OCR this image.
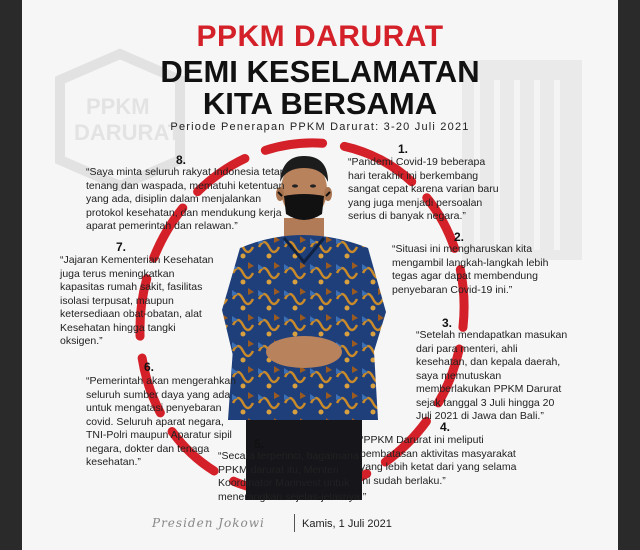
PPKM
DARURAT
PPKM DARURAT
DEMI KESELAMATAN
KITA BERSAMA
Periode Penerapan PPKM Darurat: 3-20 Juli 2021
1.
“Pandemi Covid-19 beberapa hari terakhir ini berkembang sangat cepat karena varian baru yang juga menjadi persoalan serius di banyak negara.”
2.
“Situasi ini mengharuskan kita mengambil langkah-langkah lebih tegas agar dapat membendung penyebaran Covid-19 ini.”
3.
“Setelah mendapatkan masukan dari para menteri, ahli kesehatan, dan kepala daerah, saya memutuskan memberlakukan PPKM Darurat sejak tanggal 3 Juli hingga 20 Juli 2021 di Jawa dan Bali.”
4.
“PPKM Darurat ini meliputi pembatasan aktivitas masyarakat yang lebih ketat dari yang selama ini sudah berlaku.”
5.
“Secara terperinci, bagaimana PPKM darurat itu, Menteri Koordinator Marinvest untuk menerangkan sejelas-jelasnya.”
6.
“Pemerintah akan mengerahkan seluruh sumber daya yang ada untuk mengatasi penyebaran covid. Seluruh aparat negara, TNI-Polri maupun Aparatur sipil negara, dokter dan tenaga kesehatan.”
7.
“Jajaran Kementerian Kesehatan juga terus meningkatkan kapasitas rumah sakit, fasilitas isolasi terpusat, maupun ketersediaan obat-obatan, alat Kesehatan hingga tangki oksigen.”
8.
“Saya minta seluruh rakyat Indonesia tetap tenang dan waspada, mematuhi ketentuan yang ada, disiplin dalam menjalankan protokol kesehatan, dan mendukung kerja aparat pemerintah dan relawan.”
Presiden Jokowi	Kamis, 1 Juli 2021
